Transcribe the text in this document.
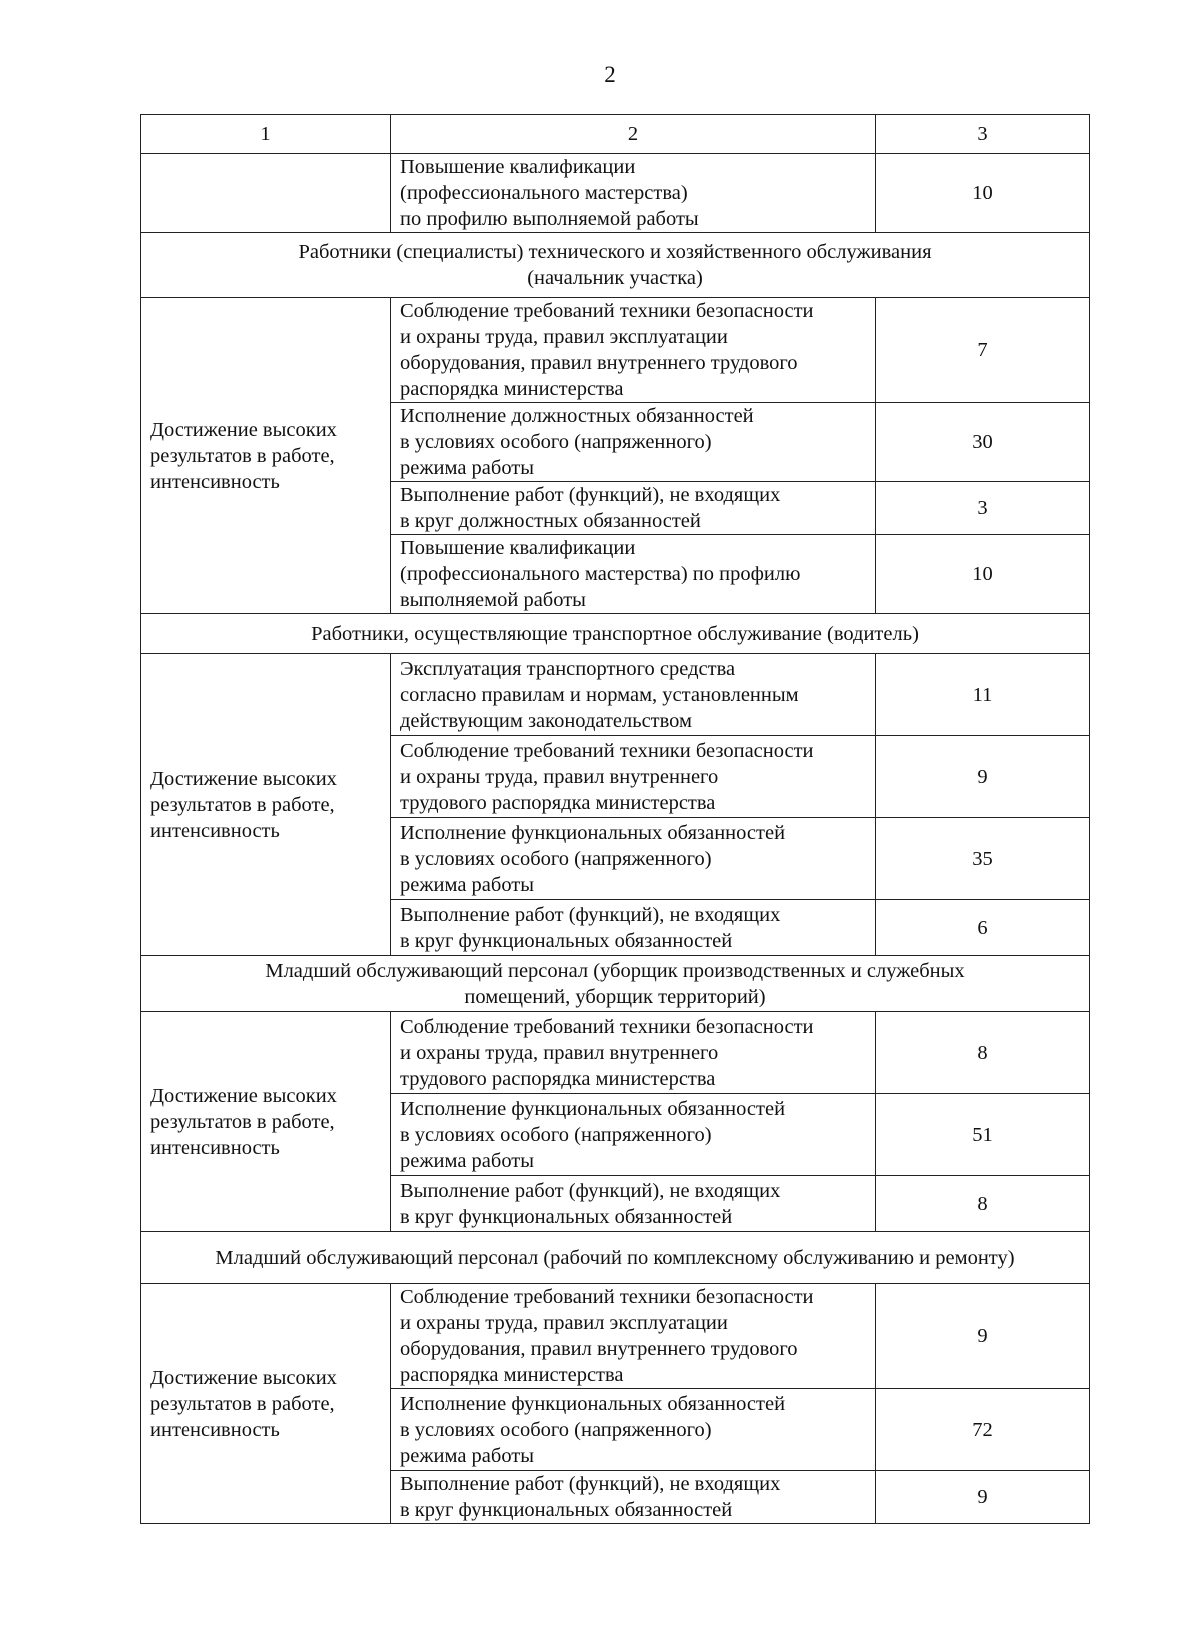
2
1	2	3

	Повышение квалификации
(профессионального мастерства)
по профилю выполняемой работы	10

Работники (специалисты) технического и хозяйственного обслуживания
(начальник участка)		

Достижение высоких
результатов в работе,
интенсивность	Соблюдение требований техники безопасности
и охраны труда, правил эксплуатации
оборудования, правил внутреннего трудового
распорядка министерства	7

	Исполнение должностных обязанностей
в условиях особого (напряженного)
режима работы	30

	Выполнение работ (функций), не входящих
в круг должностных обязанностей	3

	Повышение квалификации
(профессионального мастерства) по профилю
выполняемой работы	10

Работники, осуществляющие транспортное обслуживание (водитель)		

Достижение высоких
результатов в работе,
интенсивность	Эксплуатация транспортного средства
согласно правилам и нормам, установленным
действующим законодательством	11

	Соблюдение требований техники безопасности
и охраны труда, правил внутреннего
трудового распорядка министерства	9

	Исполнение функциональных обязанностей
в условиях особого (напряженного)
режима работы	35

	Выполнение работ (функций), не входящих
в круг функциональных обязанностей	6

Младший обслуживающий персонал (уборщик производственных и служебных
помещений, уборщик территорий)		

Достижение высоких
результатов в работе,
интенсивность	Соблюдение требований техники безопасности
и охраны труда, правил внутреннего
трудового распорядка министерства	8

	Исполнение функциональных обязанностей
в условиях особого (напряженного)
режима работы	51

	Выполнение работ (функций), не входящих
в круг функциональных обязанностей	8

Младший обслуживающий персонал (рабочий по комплексному обслуживанию и ремонту)		

Достижение высоких
результатов в работе,
интенсивность	Соблюдение требований техники безопасности
и охраны труда, правил эксплуатации
оборудования, правил внутреннего трудового
распорядка министерства	9

	Исполнение функциональных обязанностей
в условиях особого (напряженного)
режима работы	72

	Выполнение работ (функций), не входящих
в круг функциональных обязанностей	9
